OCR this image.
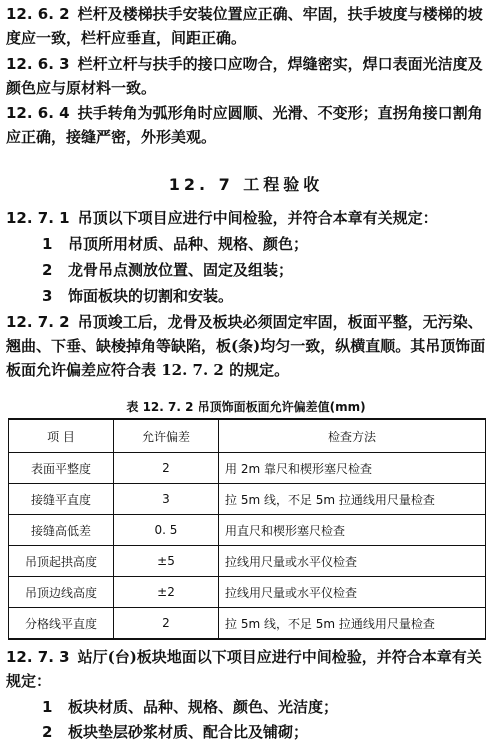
12. 6. 2 栏杆及楼梯扶手安装位置应正确、牢固，扶手坡度与楼梯的坡度应一致，栏杆应垂直，间距正确。
12. 6. 3 栏杆立杆与扶手的接口应吻合，焊缝密实，焊口表面光洁度及颜色应与原材料一致。
12. 6. 4 扶手转角为弧形角时应圆顺、光滑、不变形；直拐角接口割角应正确，接缝严密，外形美观。
12. 7 工程验收
12. 7. 1 吊顶以下项目应进行中间检验，并符合本章有关规定：
1 吊顶所用材质、品种、规格、颜色；
2 龙骨吊点测放位置、固定及组装；
3 饰面板块的切割和安装。
12. 7. 2 吊顶竣工后，龙骨及板块必须固定牢固，板面平整，无污染、翘曲、下垂、缺棱掉角等缺陷，板(条)均匀一致，纵横直顺。其吊顶饰面板面允许偏差应符合表 12. 7. 2 的规定。
表 12. 7. 2 吊顶饰面板面允许偏差值(mm)
项 目	允许偏差	检查方法
表面平整度	2	用 2m 靠尺和楔形塞尺检查
接缝平直度	3	拉 5m 线，不足 5m 拉通线用尺量检查
接缝高低差	0. 5	用直尺和楔形塞尺检查
吊顶起拱高度	±5	拉线用尺量或水平仪检查
吊顶边线高度	±2	拉线用尺量或水平仪检查
分格线平直度	2	拉 5m 线，不足 5m 拉通线用尺量检查
12. 7. 3 站厅(台)板块地面以下项目应进行中间检验，并符合本章有关规定：
1 板块材质、品种、规格、颜色、光洁度；
2 板块垫层砂浆材质、配合比及铺砌；
